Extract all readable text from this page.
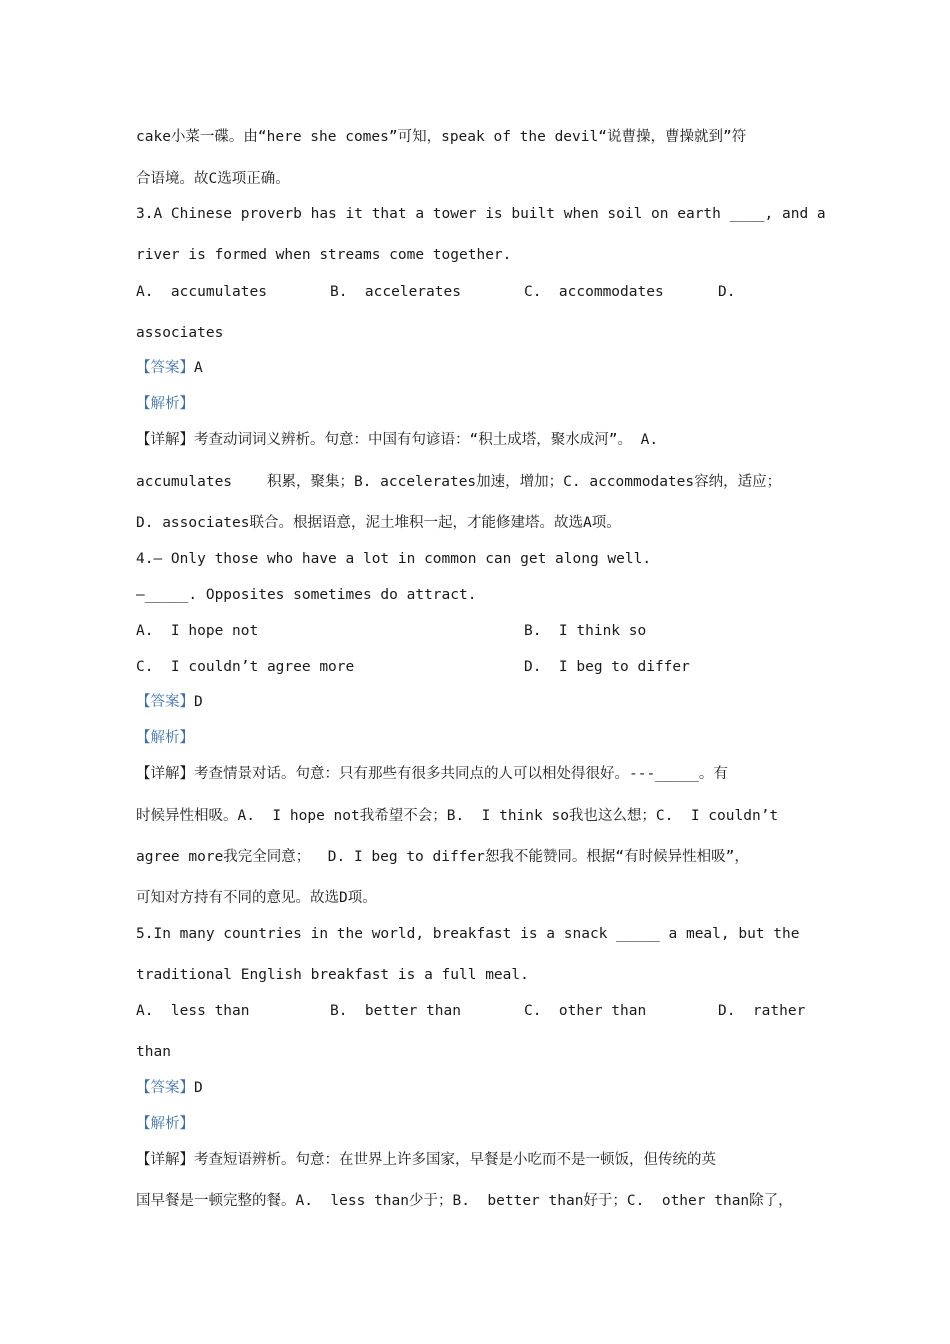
cake小菜一碟。由“here she comes”可知，speak of the devil“说曹操，曹操就到”符
合语境。故C选项正确。
3.A Chinese proverb has it that a tower is built when soil on earth ____, and a
river is formed when streams come together.
A.  accumulates	B.  accelerates	C.  accommodates	D.
associates
【答案】A
【解析】
【详解】考查动词词义辨析。句意：中国有句谚语：“积土成塔，聚水成河”。 A.
accumulates    积累，聚集；B. accelerates加速，增加；C. accommodates容纳，适应；
D. associates联合。根据语意，泥土堆积一起，才能修建塔。故选A项。
4.— Only those who have a lot in common can get along well.
—_____. Opposites sometimes do attract.
A.  I hope not	B.  I think so
C.  I couldn’t agree more	D.  I beg to differ
【答案】D
【解析】
【详解】考查情景对话。句意：只有那些有很多共同点的人可以相处得很好。---_____。有
时候异性相吸。A.  I hope not我希望不会；B.  I think so我也这么想；C.  I couldn’t
agree more我完全同意；  D. I beg to differ恕我不能赞同。根据“有时候异性相吸”，
可知对方持有不同的意见。故选D项。
5.In many countries in the world, breakfast is a snack _____ a meal, but the
traditional English breakfast is a full meal.
A.  less than	B.  better than	C.  other than	D.  rather
than
【答案】D
【解析】
【详解】考查短语辨析。句意：在世界上许多国家，早餐是小吃而不是一顿饭，但传统的英
国早餐是一顿完整的餐。A.  less than少于；B.  better than好于；C.  other than除了，
